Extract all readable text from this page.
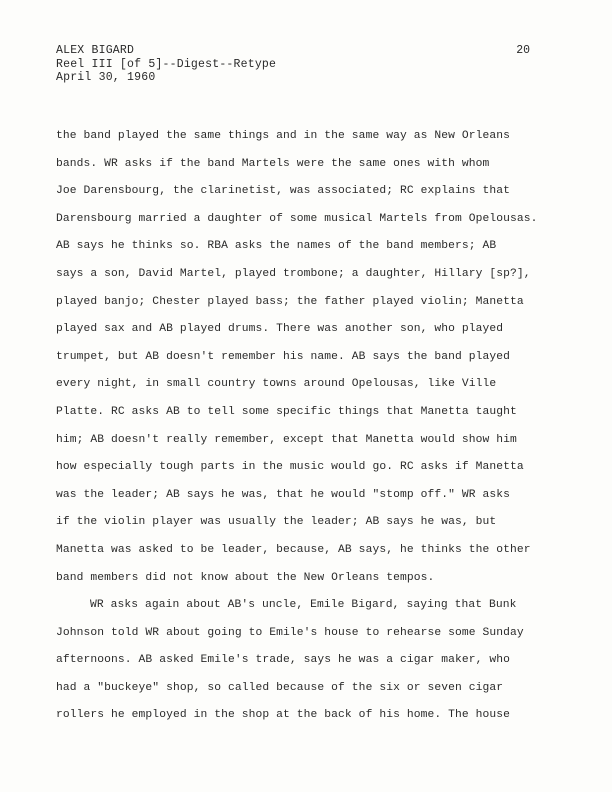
ALEX BIGARD
Reel III [of 5]--Digest--Retype
April 30, 1960
20
the band played the same things and in the same way as New Orleans
bands. WR asks if the band Martels were the same ones with whom
Joe Darensbourg, the clarinetist, was associated; RC explains that
Darensbourg married a daughter of some musical Martels from Opelousas.
AB says he thinks so. RBA asks the names of the band members; AB
says a son, David Martel, played trombone; a daughter, Hillary [sp?],
played banjo; Chester played bass; the father played violin; Manetta
played sax and AB played drums. There was another son, who played
trumpet, but AB doesn't remember his name. AB says the band played
every night, in small country towns around Opelousas, like Ville
Platte. RC asks AB to tell some specific things that Manetta taught
him; AB doesn't really remember, except that Manetta would show him
how especially tough parts in the music would go. RC asks if Manetta
was the leader; AB says he was, that he would "stomp off." WR asks
if the violin player was usually the leader; AB says he was, but
Manetta was asked to be leader, because, AB says, he thinks the other
band members did not know about the New Orleans tempos.
WR asks again about AB's uncle, Emile Bigard, saying that Bunk
Johnson told WR about going to Emile's house to rehearse some Sunday
afternoons. AB asked Emile's trade, says he was a cigar maker, who
had a "buckeye" shop, so called because of the six or seven cigar
rollers he employed in the shop at the back of his home. The house
